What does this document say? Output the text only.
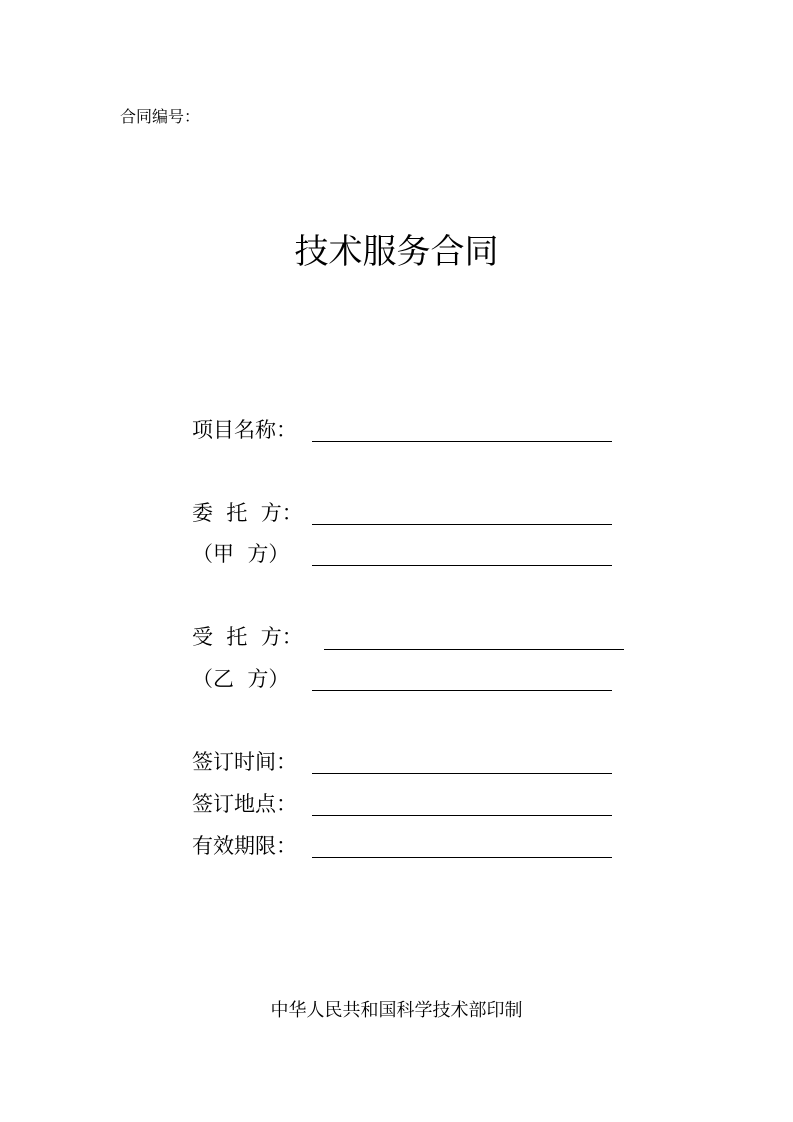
合同编号：
技术服务合同
项目名称：
委  托  方：
（甲  方）
受  托  方：
（乙  方）
签订时间：
签订地点：
有效期限：
中华人民共和国科学技术部印制
